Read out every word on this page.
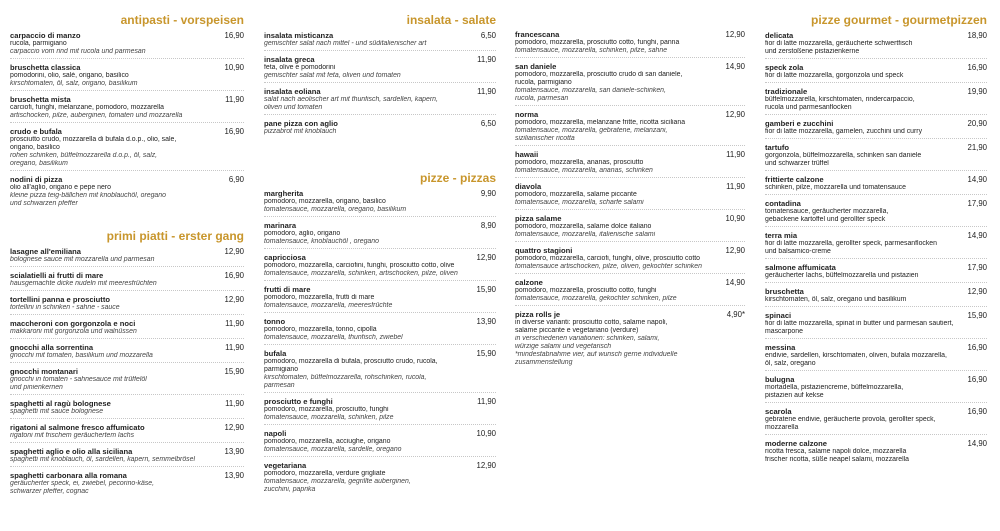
antipasti - vorspeisen
carpaccio di manzo	16,90
rucola, parmigiano
carpaccio vom rind mit rucola und parmesan
bruschetta classica	10,90
pomodorini, olio, salé, origano, basilico
kirschtomaten, öl, salz, origano, basilikum
bruschetta mista	11,90
carciofi, funghi, melanzane, pomodoro, mozzarella
artischocken, pilze, auberginen, tomaten und mozzarella
crudo e bufala	16,90
prosciutto crudo, mozzarella di bufala d.o.p., olio, sale,
origano, basilico
rohen schinken, büffelmozzarella d.o.p., öl, salz,
oregano, basilikum
nodini di pizza	6,90
olio all'aglio, origano e pepe nero
kleine pizza teig-bällchen mit knoblauchöl, oregano
und schwarzen pfeffer
primi piatti - erster gang
lasagne all'emiliana	12,90
bolognese sauce mit mozzarella und parmesan
scialatielli ai frutti di mare	16,90
hausgemachte dicke nudeln mit meeresfrüchten
tortellini panna e prosciutto	12,90
tortellini in schinken - sahne - sauce
maccheroni con gorgonzola e noci	11,90
makkaroni mit gorgonzola und walnüssen
gnocchi alla sorrentina	11,90
gnocchi mit tomaten, basilikum und mozzarella
gnocchi montanari	15,90
gnocchi in tomaten - sahnesauce mit trüffelöl
und pinienkernen
spaghetti al ragù bolognese	11,90
spaghetti mit sauce bolognese
rigatoni al salmone fresco affumicato	12,90
rigatoni mit frischem geräuchertem lachs
spaghetti aglio e olio alla siciliana	13,90
spaghetti mit knoblauch, öl, sardellen, kapern, semmelbrösel
spaghetti carbonara alla romana	13,90
geräucherter speck, ei, zwiebel, pecorino-käse,
schwarzer pfeffer, cognac
insalata - salate
insalata misticanza	6,50
gemischter salat nach mittel - und süditalienischer art
insalata greca	11,90
feta, olive e pomodorini
gemischter salat mit feta, oliven und tomaten
insalata eoliana	11,90
salat nach aeolischer art mit thunfisch, sardellen, kapern,
oliven und tomaten
pane pizza con aglio	6,50
pizzabrot mit knoblauch
pizze - pizzas
margherita	9,90
pomodoro, mozzarella, origano, basilico
tomatensauce, mozzarella, oregano, basilikum
marinara	8,90
pomodoro, aglio, origano
tomatensauce, knoblauchöl , oregano
capricciosa	12,90
pomodoro, mozzarella, carciofini, funghi, prosciutto cotto, olive
tomatensauce, mozzarella, schinken, artischocken, pilze, oliven
frutti di mare	15,90
pomodoro, mozzarella, frutti di mare
tomatensauce, mozzarella, meeresfrüchte
tonno	13,90
pomodoro, mozzarella, tonno, cipolla
tomatensauce, mozzarella, thunfisch, zwiebel
bufala	15,90
pomodoro, mozzarella di bufala, prosciutto crudo, rucola,
parmigiano
kirschtomaten, büffelmozzarella, rohschinken, rucola,
parmesan
prosciutto e funghi	11,90
pomodoro, mozzarella, prosciutto, funghi
tomatensauce, mozzarella, schinken, pilze
napoli	10,90
pomodoro, mozzarella, acciughe, origano
tomatensauce, mozzarella, sardelle, oregano
vegetariana	12,90
pomodoro, mozzarella, verdure grigliate
tomatensauce, mozzarella, gegrillte auberginen,
zucchini, paprika
francescana	12,90
pomodoro, mozzarella, prosciutto cotto, funghi, panna
tomatensauce, mozzarella, schinken, pilze, sahne
san daniele	14,90
pomodoro, mozzarella, prosciutto crudo di san daniele,
rucola, parmigiano
tomatensauce, mozzarella, san daniele-schinken,
rucola, parmesan
norma	12,90
pomodoro, mozzarella, melanzane fritte, ricotta siciliana
tomatensauce, mozzarella, gebratene, melanzani,
sizilianischer ricotta
hawaii	11,90
pomodoro, mozzarella, ananas, prosciutto
tomatensauce, mozzarella, ananas, schinken
diavola	11,90
pomodoro, mozzarella, salame piccante
tomatensauce, mozzarella, scharfe salami
pizza salame	10,90
pomodoro, mozzarella, salame dolce italiano
tomatensauce, mozzarella, italienische salami
quattro stagioni	12,90
pomodoro, mozzarella, carciofi, funghi, olive, prosciutto cotto
tomatensauce artischocken, pilze, oliven, gekochter schinken
calzone	14,90
pomodoro, mozzarella, prosciutto cotto, funghi
tomatensauce, mozzarella, gekochter schinken, pilze
pizza rolls je	4,90*
in diverse varianti: prosciutto cotto, salame napoli,
salame piccante e vegetariano (verdure)
in verschiedenen variationen: schinken, salami,
würzige salami und vegetarisch
*mindestabnahme vier, auf wunsch gerne individuelle
zusammenstellung
pizze gourmet - gourmetpizzen
delicata	18,90
fior di latte mozzarella, geräucherte schwertfisch
und zerstoßene pistazienkerne
speck zola	16,90
fior di latte mozzarella, gorgonzola und speck
tradizionale	19,90
büffelmozzarella, kirschtomaten, rindercarpaccio,
rucola und parmesanflocken
gamberi e zucchini	20,90
fior di latte mozzarella, garnelen, zucchini und curry
tartufo	21,90
gorgonzola, büffelmozzarella, schinken san daniele
und schwarzer trüffel
frittierte calzone	14,90
schinken, pilze, mozzarella und tomatensauce
contadina	17,90
tomatensauce, geräucherter mozzarella,
gebackene kartoffel und gerollter speck
terra mia	14,90
fior di latte mozzarella, gerollter speck, parmesanflocken
und balsamico-creme
salmone affumicata	17,90
geräucherter lachs, büffelmozzarella und pistazien
bruschetta	12,90
kirschtomaten, öl, salz, oregano und basilikum
spinaci	15,90
fior di latte mozzarella, spinat in butter und parmesan sautiert,
mascarpone
messina	16,90
endivie, sardellen, kirschtomaten, oliven, bufala mozzarella,
öl, salz, oregano
bulugna	16,90
mortadella, pistaziencreme, büffelmozzarella,
pistazien auf kekse
scarola	16,90
gebratene endivie, geräucherte provola, gerollter speck,
mozzarella
moderne calzone	14,90
ricotta fresca, salame napoli dolce, mozzarella
frischer ricotta, süße neapel salami, mozzarella
